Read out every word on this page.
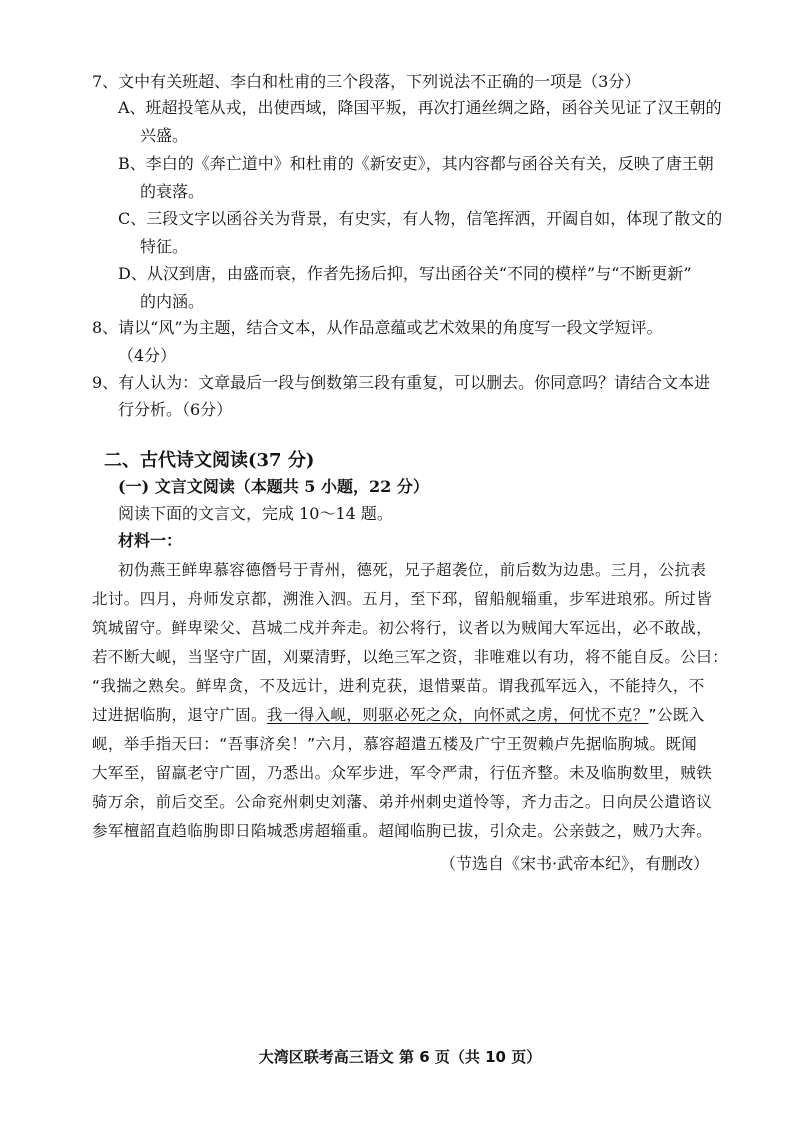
7、文中有关班超、李白和杜甫的三个段落，下列说法不正确的一项是（3分）
A、班超投笔从戎，出使西域，降国平叛，再次打通丝绸之路，函谷关见证了汉王朝的
兴盛。
B、李白的《奔亡道中》和杜甫的《新安吏》，其内容都与函谷关有关，反映了唐王朝
的衰落。
C、三段文字以函谷关为背景，有史实，有人物，信笔挥洒，开阖自如，体现了散文的
特征。
D、从汉到唐，由盛而衰，作者先扬后抑，写出函谷关“不同的模样”与“不断更新”
的内涵。
8、请以“风”为主题，结合文本，从作品意蕴或艺术效果的角度写一段文学短评。
（4分）
9、有人认为：文章最后一段与倒数第三段有重复，可以删去。你同意吗？请结合文本进
行分析。（6分）
二、古代诗文阅读(37 分)
(一) 文言文阅读（本题共 5 小题，22 分）
阅读下面的文言文，完成 10～14 题。
材料一：
初伪燕王鲜卑慕容德僭号于青州，德死，兄子超袭位，前后数为边患。三月，公抗表
北讨。四月，舟师发京都，溯淮入泗。五月，至下邳，留船舰辎重，步军进琅邪。所过皆
筑城留守。鲜卑梁父、莒城二戍并奔走。初公将行，议者以为贼闻大军远出，必不敢战，
若不断大岘，当坚守广固，刈粟清野，以绝三军之资，非唯难以有功，将不能自反。公曰：
“我揣之熟矣。鲜卑贪，不及远计，进利克获，退惜粟苗。谓我孤军远入，不能持久，不
过进据临朐，退守广固。我一得入岘，则驱必死之众，向怀贰之虏，何忧不克？”公既入
岘，举手指天曰：“吾事济矣！”六月，慕容超遣五楼及广宁王贺赖卢先据临朐城。既闻
大军至，留羸老守广固，乃悉出。众军步进，军令严肃，行伍齐整。未及临朐数里，贼铁
骑万余，前后交至。公命兖州刺史刘藩、弟并州刺史道怜等，齐力击之。日向昃公遣谘议
参军檀韶直趋临朐即日陷城悉虏超辎重。超闻临朐已拔，引众走。公亲鼓之，贼乃大奔。
（节选自《宋书·武帝本纪》，有删改）
大湾区联考高三语文 第 6 页（共 10 页）
